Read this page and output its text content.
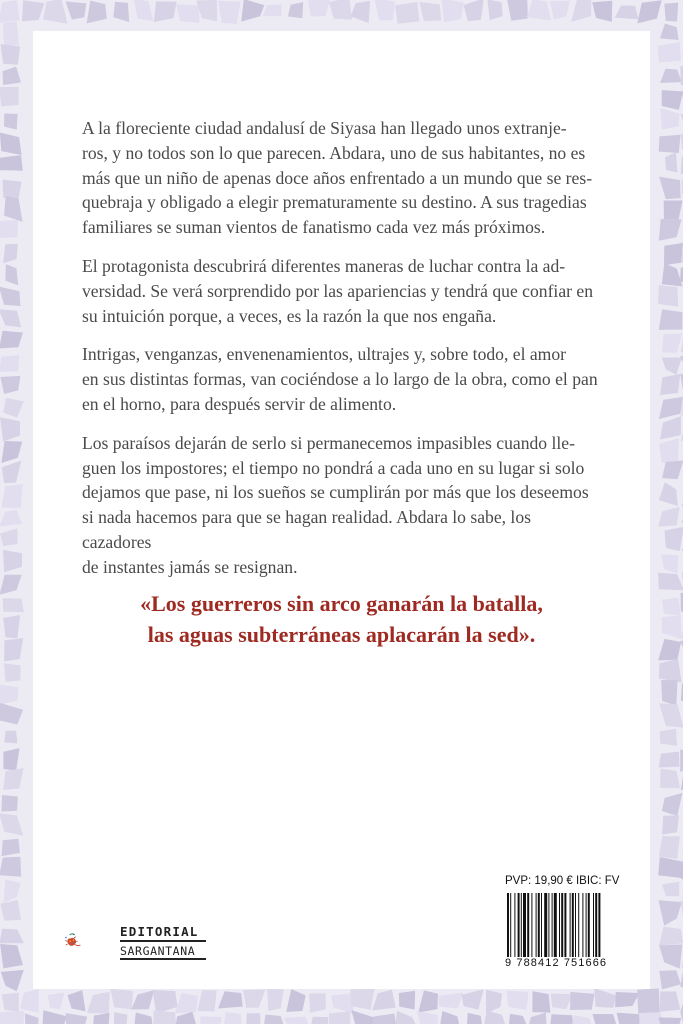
A la floreciente ciudad andalusí de Siyasa han llegado unos extranje-
ros, y no todos son lo que parecen. Abdara, uno de sus habitantes, no es
más que un niño de apenas doce años enfrentado a un mundo que se res-
quebraja y obligado a elegir prematuramente su destino. A sus tragedias
familiares se suman vientos de fanatismo cada vez más próximos.

El protagonista descubrirá diferentes maneras de luchar contra la ad-
versidad. Se verá sorprendido por las apariencias y tendrá que confiar en
su intuición porque, a veces, es la razón la que nos engaña.

Intrigas, venganzas, envenenamientos, ultrajes y, sobre todo, el amor
en sus distintas formas, van cociéndose a lo largo de la obra, como el pan
en el horno, para después servir de alimento.

Los paraísos dejarán de serlo si permanecemos impasibles cuando lle-
guen los impostores; el tiempo no pondrá a cada uno en su lugar si solo
dejamos que pase, ni los sueños se cumplirán por más que los deseemos
si nada hacemos para que se hagan realidad. Abdara lo sabe, los cazadores
de instantes jamás se resignan.

«Los guerreros sin arco ganarán la batalla,
las aguas subterráneas aplacarán la sed».
EDITORIAL
SARGANTANA
PVP: 19,90 € IBIC: FV
9 788412 751666
